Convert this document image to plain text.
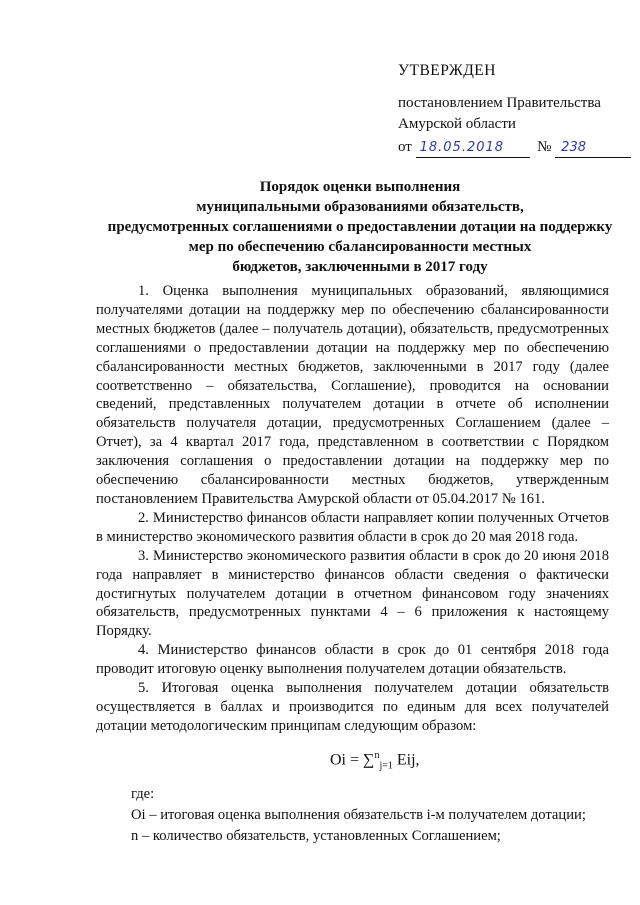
УТВЕРЖДЕН
постановлением Правительства
Амурской области
от
18.05.2018
	№
238
Порядок оценки выполнения
муниципальными образованиями обязательств,
предусмотренных соглашениями о предоставлении дотации на поддержку
мер по обеспечению сбалансированности местных
бюджетов, заключенными в 2017 году

1. Оценка выполнения муниципальных образований, являющимися получателями дотации на поддержку мер по обеспечению сбалансированности местных бюджетов (далее – получатель дотации), обязательств, предусмотренных соглашениями о предоставлении дотации на поддержку мер по обеспечению сбалансированности местных бюджетов, заключенными в 2017 году (далее соответственно – обязательства, Соглашение), проводится на основании сведений, представленных получателем дотации в отчете об исполнении обязательств получателя дотации, предусмотренных Соглашением (далее – Отчет), за 4 квартал 2017 года, представленном в соответствии с Порядком заключения соглашения о предоставлении дотации на поддержку мер по обеспечению сбалансированности местных бюджетов, утвержденным постановлением Правительства Амурской области от 05.04.2017 № 161.

2. Министерство финансов области направляет копии полученных Отчетов в министерство экономического развития области в срок до 20 мая 2018 года.

3. Министерство экономического развития области в срок до 20 июня 2018 года направляет в министерство финансов области сведения о фактически достигнутых получателем дотации в отчетном финансовом году значениях обязательств, предусмотренных пунктами 4 – 6 приложения к настоящему Порядку.

4. Министерство финансов области в срок до 01 сентября 2018 года проводит итоговую оценку выполнения получателем дотации обязательств.

5. Итоговая оценка выполнения получателем дотации обязательств осуществляется в баллах и производится по единым для всех получателей дотации методологическим принципам следующим образом:

Oi = ∑$^n_{j=1}$ Eij,
где:
Oi – итоговая оценка выполнения обязательств i-м получателем дотации;
n – количество обязательств, установленных Соглашением;
